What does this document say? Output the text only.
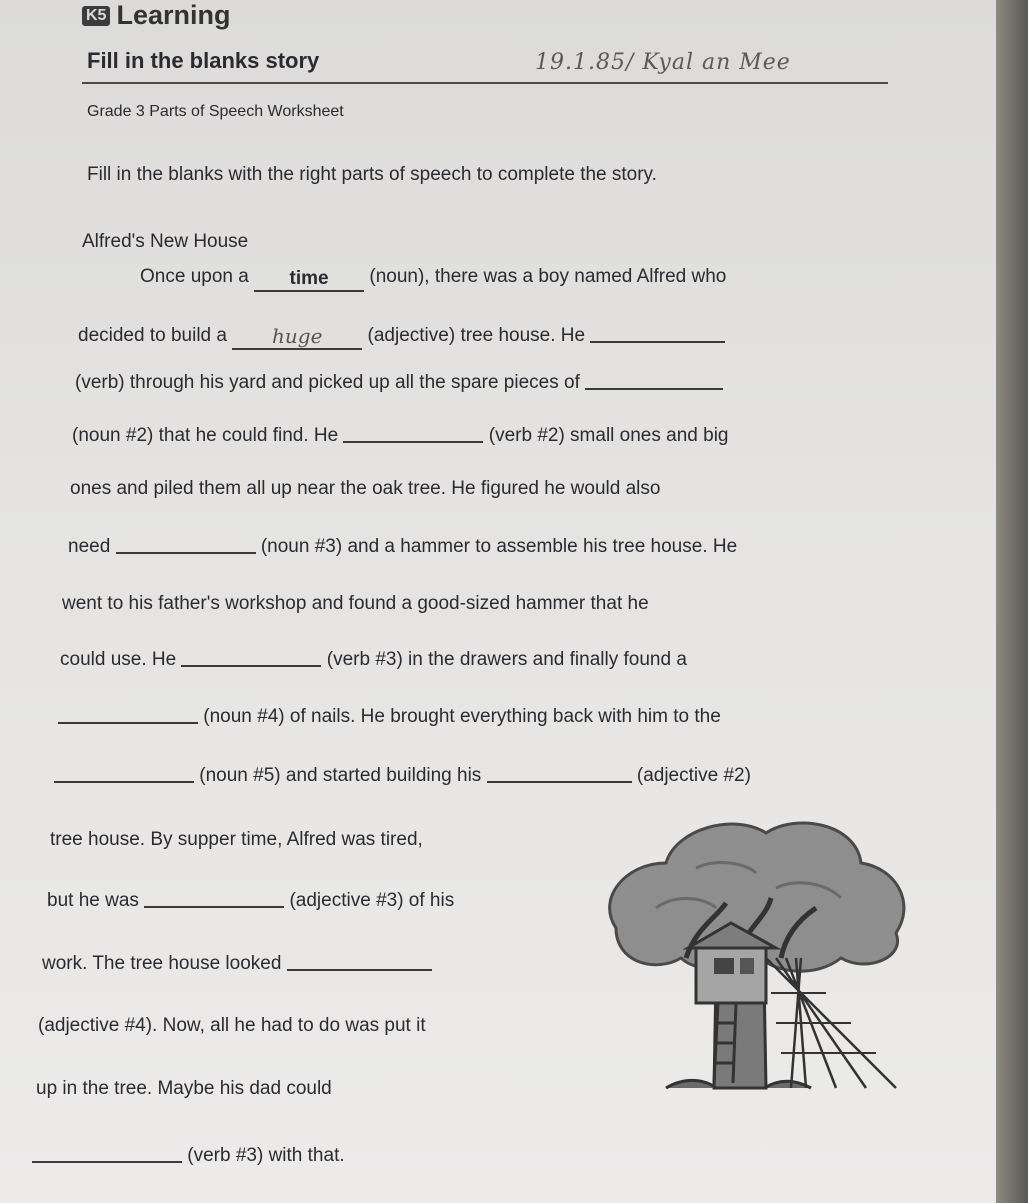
K5 Learning
Fill in the blanks story	19.1.85/ Kyal an Mee
Grade 3 Parts of Speech Worksheet
Fill in the blanks with the right parts of speech to complete the story.
Alfred's New House
Once upon a time (noun), there was a boy named Alfred who
decided to build a huge (adjective) tree house. He
(verb) through his yard and picked up all the spare pieces of
(noun #2) that he could find. He	(verb #2) small ones and big
ones and piled them all up near the oak tree. He figured he would also
need	(noun #3) and a hammer to assemble his tree house. He
went to his father's workshop and found a good-sized hammer that he
could use. He	(verb #3) in the drawers and finally found a
(noun #4) of nails. He brought everything back with him to the
(noun #5) and started building his	(adjective #2)
tree house. By supper time, Alfred was tired,
but he was	(adjective #3) of his
work. The tree house looked
(adjective #4). Now, all he had to do was put it
up in the tree. Maybe his dad could
(verb #3) with that.
